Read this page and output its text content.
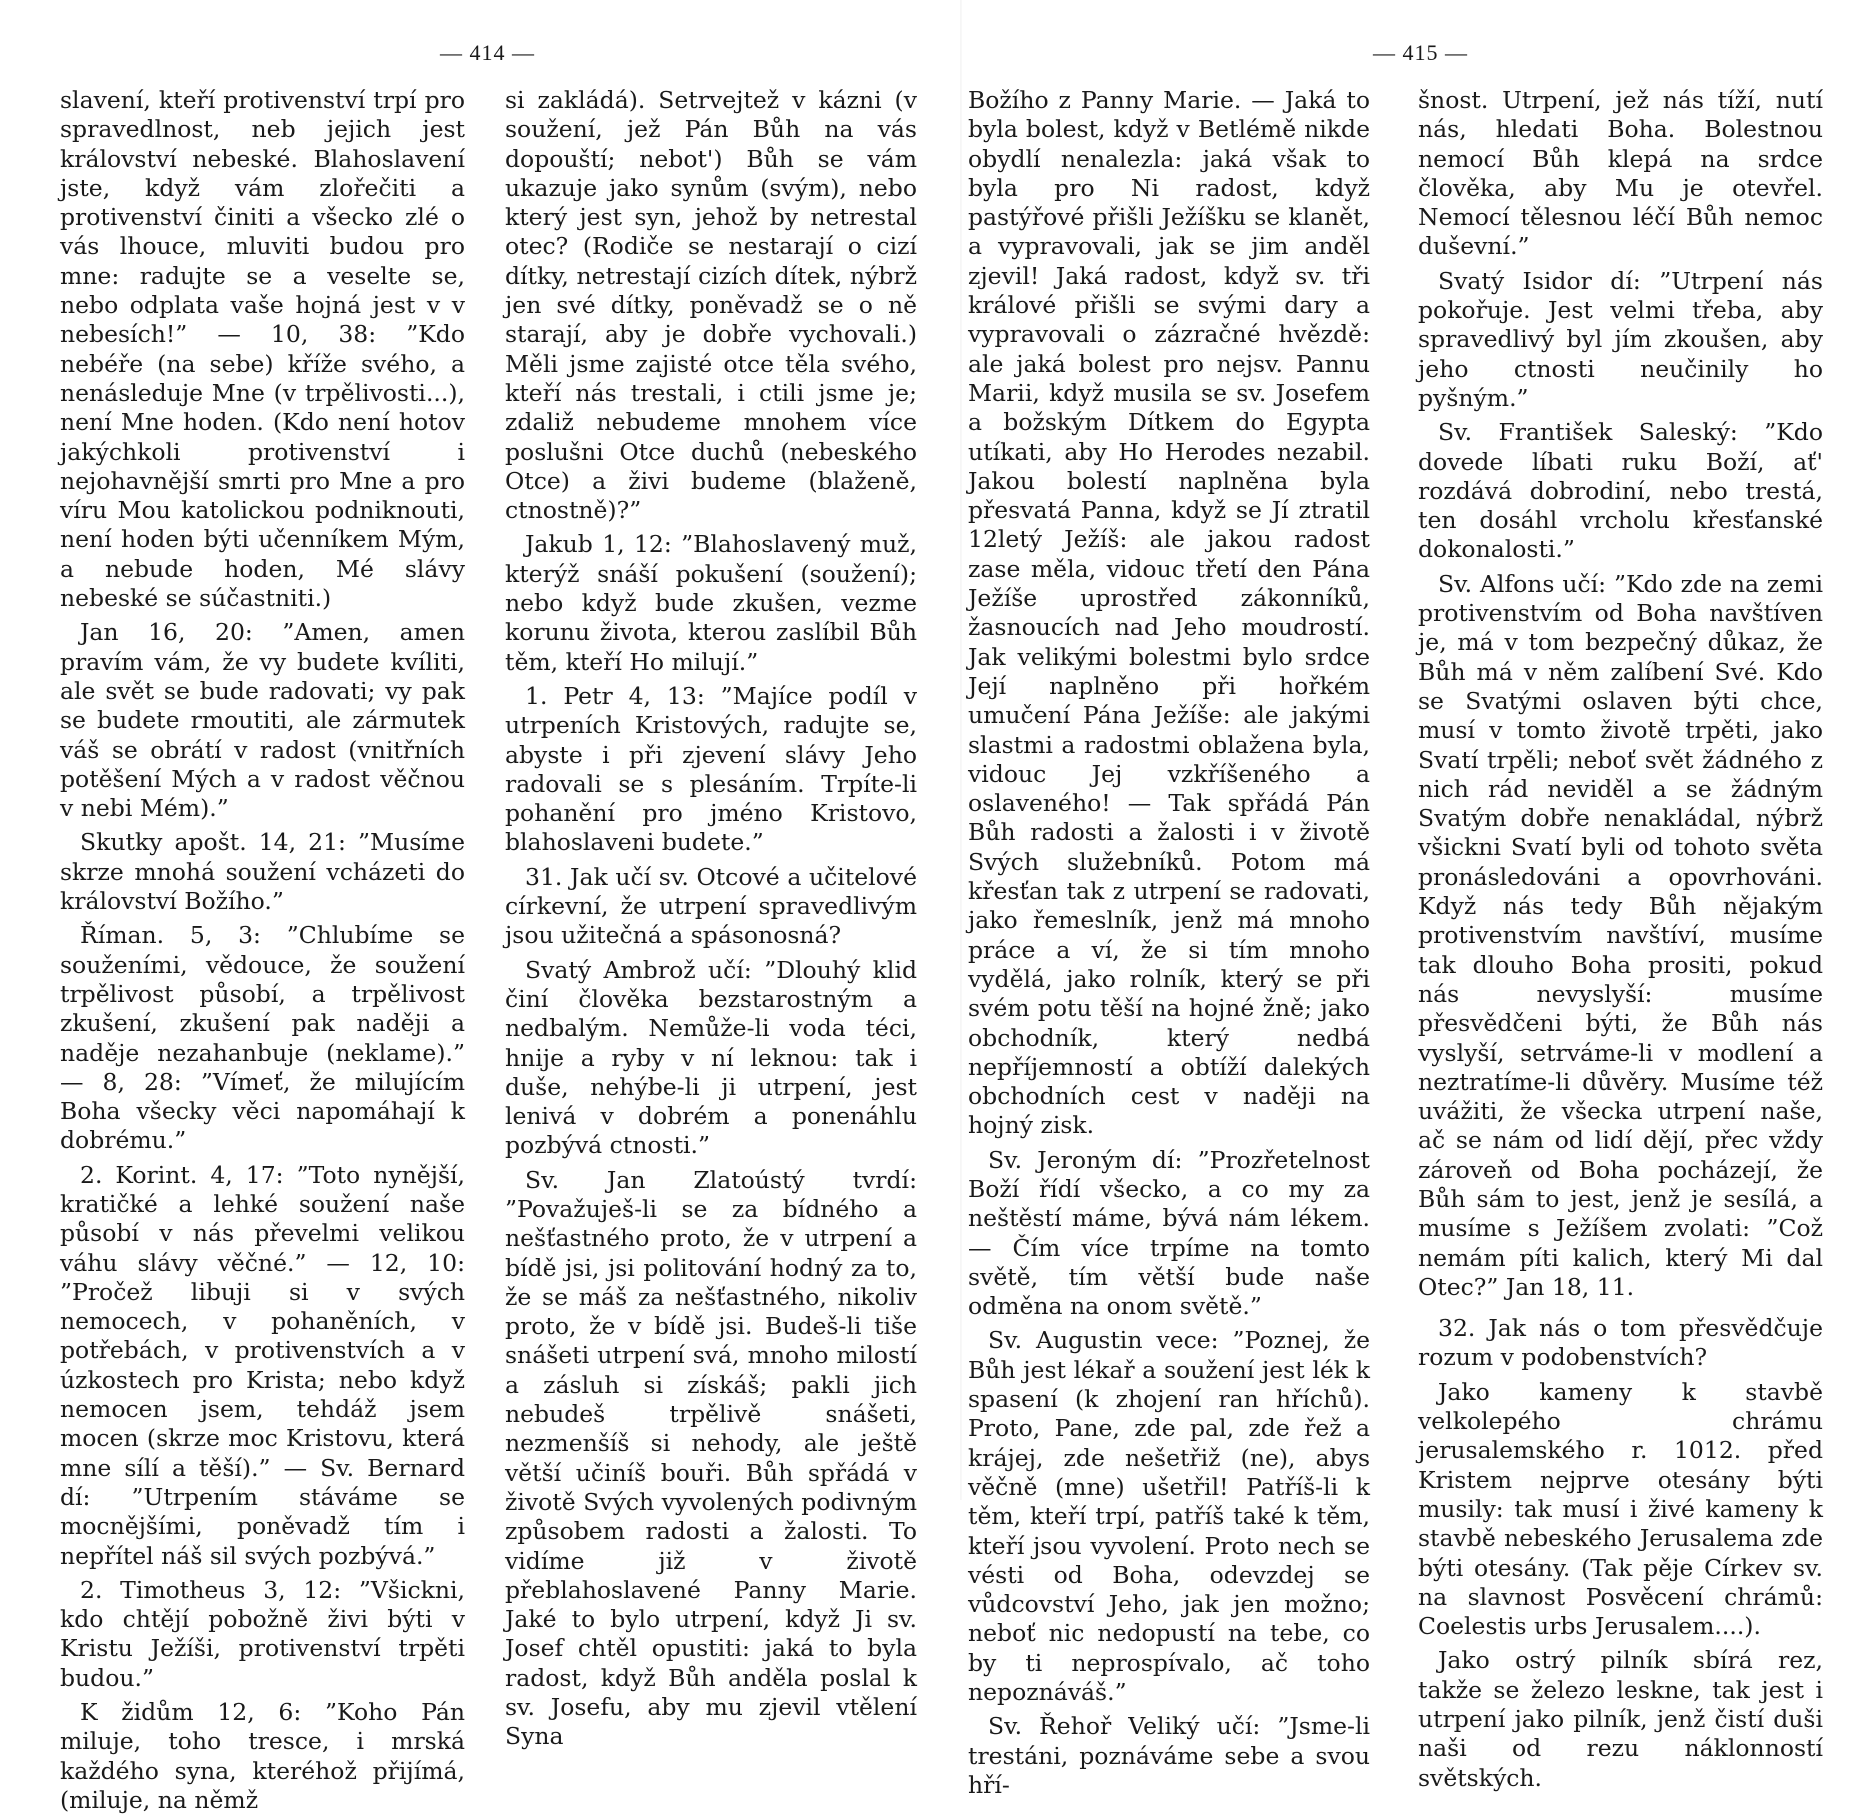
— 414 —	— 415 —

slavení, kteří protivenství trpí pro spravedlnost, neb jejich jest království nebeské. Blahoslavení jste, když vám zlořečiti a protivenství činiti a všecko zlé o vás lhouce, mluviti budou pro mne: radujte se a veselte se, nebo odplata vaše hojná jest v v nebesích!” — 10, 38: ”Kdo nebéře (na sebe) kříže svého, a nenásleduje Mne (v trpělivosti...), není Mne hoden. (Kdo není hotov jakýchkoli protivenství i nejohavnější smrti pro Mne a pro víru Mou katolickou podniknouti, není hoden býti učenníkem Mým, a nebude hoden, Mé slávy nebeské se súčastniti.)

Jan 16, 20: ”Amen, amen pravím vám, že vy budete kvíliti, ale svět se bude radovati; vy pak se budete rmoutiti, ale zármutek váš se obrátí v radost (vnitřních potěšení Mých a v radost věčnou v nebi Mém).”

Skutky apošt. 14, 21: ”Musíme skrze mnohá soužení vcházeti do království Božího.”

Říman. 5, 3: ”Chlubíme se souženími, vědouce, že soužení trpělivost působí, a trpělivost zkušení, zkušení pak naději a naděje nezahanbuje (neklame).” — 8, 28: ”Vímeť, že milujícím Boha všecky věci napomáhají k dobrému.”

2. Korint. 4, 17: ”Toto nynější, kratičké a lehké soužení naše působí v nás převelmi velikou váhu slávy věčné.” — 12, 10: ”Pročež libuji si v svých nemocech, v pohaněních, v potřebách, v protivenstvích a v úzkostech pro Krista; nebo když nemocen jsem, tehdáž jsem mocen (skrze moc Kristovu, která mne sílí a těší).” — Sv. Bernard dí: ”Utrpením stáváme se mocnějšími, poněvadž tím i nepřítel náš sil svých pozbývá.”

2. Timotheus 3, 12: ”Všickni, kdo chtějí pobožně živi býti v Kristu Ježíši, protivenství trpěti budou.”

K židům 12, 6: ”Koho Pán miluje, toho tresce, i mrská každého syna, kteréhož přijímá, (miluje, na němž

si zakládá). Setrvejtež v kázni (v soužení, jež Pán Bůh na vás dopouští; nebot') Bůh se vám ukazuje jako synům (svým), nebo který jest syn, jehož by netrestal otec? (Rodiče se nestarají o cizí dítky, netrestají cizích dítek, nýbrž jen své dítky, poněvadž se o ně starají, aby je dobře vychovali.) Měli jsme zajisté otce těla svého, kteří nás trestali, i ctili jsme je; zdaliž nebudeme mnohem více poslušni Otce duchů (nebeského Otce) a živi budeme (blaženě, ctnostně)?”

Jakub 1, 12: ”Blahoslavený muž, kterýž snáší pokušení (soužení); nebo když bude zkušen, vezme korunu života, kterou zaslíbil Bůh těm, kteří Ho milují.”

1. Petr 4, 13: ”Majíce podíl v utrpeních Kristových, radujte se, abyste i při zjevení slávy Jeho radovali se s plesáním. Trpíte-li pohanění pro jméno Kristovo, blahoslaveni budete.”

31. Jak učí sv. Otcové a učitelové církevní, že utrpení spravedlivým jsou užitečná a spásonosná?

Svatý Ambrož učí: ”Dlouhý klid činí člověka bezstarostným a nedbalým. Nemůže-li voda téci, hnije a ryby v ní leknou: tak i duše, nehýbe-li ji utrpení, jest lenivá v dobrém a ponenáhlu pozbývá ctnosti.”

Sv. Jan Zlatoústý tvrdí: ”Považuješ-li se za bídného a nešťastného proto, že v utrpení a bídě jsi, jsi politování hodný za to, že se máš za nešťastného, nikoliv proto, že v bídě jsi. Budeš-li tiše snášeti utrpení svá, mnoho milostí a zásluh si získáš; pakli jich nebudeš trpělivě snášeti, nezmenšíš si nehody, ale ještě větší učiníš bouři. Bůh spřádá v životě Svých vyvolených podivným způsobem radosti a žalosti. To vidíme již v životě přeblahoslavené Panny Marie. Jaké to bylo utrpení, když Ji sv. Josef chtěl opustiti: jaká to byla radost, když Bůh anděla poslal k sv. Josefu, aby mu zjevil vtělení Syna

Božího z Panny Marie. — Jaká to byla bolest, když v Betlémě nikde obydlí nenalezla: jaká však to byla pro Ni radost, když pastýřové přišli Ježíšku se klanět, a vypravovali, jak se jim anděl zjevil! Jaká radost, když sv. tři králové přišli se svými dary a vypravovali o zázračné hvězdě: ale jaká bolest pro nejsv. Pannu Marii, když musila se sv. Josefem a božským Dítkem do Egypta utíkati, aby Ho Herodes nezabil. Jakou bolestí naplněna byla přesvatá Panna, když se Jí ztratil 12letý Ježíš: ale jakou radost zase měla, vidouc třetí den Pána Ježíše uprostřed zákonníků, žasnoucích nad Jeho moudrostí. Jak velikými bolestmi bylo srdce Její naplněno při hořkém umučení Pána Ježíše: ale jakými slastmi a radostmi oblažena byla, vidouc Jej vzkříšeného a oslaveného! — Tak spřádá Pán Bůh radosti a žalosti i v životě Svých služebníků. Potom má křesťan tak z utrpení se radovati, jako řemeslník, jenž má mnoho práce a ví, že si tím mnoho vydělá, jako rolník, který se při svém potu těší na hojné žně; jako obchodník, který nedbá nepříjemností a obtíží dalekých obchodních cest v naději na hojný zisk.

Sv. Jeroným dí: ”Prozřetelnost Boží řídí všecko, a co my za neštěstí máme, bývá nám lékem. — Čím více trpíme na tomto světě, tím větší bude naše odměna na onom světě.”

Sv. Augustin vece: ”Poznej, že Bůh jest lékař a soužení jest lék k spasení (k zhojení ran hříchů). Proto, Pane, zde pal, zde řež a krájej, zde nešetřiž (ne), abys věčně (mne) ušetřil! Patříš-li k těm, kteří trpí, patříš také k těm, kteří jsou vyvolení. Proto nech se vésti od Boha, odevzdej se vůdcovství Jeho, jak jen možno; neboť nic nedopustí na tebe, co by ti neprospívalo, ač toho nepoznáváš.”

Sv. Řehoř Veliký učí: ”Jsme-li trestáni, poznáváme sebe a svou hří-

šnost. Utrpení, jež nás tíží, nutí nás, hledati Boha. Bolestnou nemocí Bůh klepá na srdce člověka, aby Mu je otevřel. Nemocí tělesnou léčí Bůh nemoc duševní.”

Svatý Isidor dí: ”Utrpení nás pokořuje. Jest velmi třeba, aby spravedlivý byl jím zkoušen, aby jeho ctnosti neučinily ho pyšným.”

Sv. František Saleský: ”Kdo dovede líbati ruku Boží, ať' rozdává dobrodiní, nebo trestá, ten dosáhl vrcholu křesťanské dokonalosti.”

Sv. Alfons učí: ”Kdo zde na zemi protivenstvím od Boha navštíven je, má v tom bezpečný důkaz, že Bůh má v něm zalíbení Své. Kdo se Svatými oslaven býti chce, musí v tomto životě trpěti, jako Svatí trpěli; neboť svět žádného z nich rád neviděl a se žádným Svatým dobře nenakládal, nýbrž všickni Svatí byli od tohoto světa pronásledováni a opovrhováni. Když nás tedy Bůh nějakým protivenstvím navštíví, musíme tak dlouho Boha prositi, pokud nás nevyslyší: musíme přesvědčeni býti, že Bůh nás vyslyší, setrváme-li v modlení a neztratíme-li důvěry. Musíme též uvážiti, že všecka utrpení naše, ač se nám od lidí dějí, přec vždy zároveň od Boha pocházejí, že Bůh sám to jest, jenž je sesílá, a musíme s Ježíšem zvolati: ”Což nemám píti kalich, který Mi dal Otec?” Jan 18, 11.

32. Jak nás o tom přesvědčuje rozum v podobenstvích?

Jako kameny k stavbě velkolepého chrámu jerusalemského r. 1012. před Kristem nejprve otesány býti musily: tak musí i živé kameny k stavbě nebeského Jerusalema zde býti otesány. (Tak pěje Církev sv. na slavnost Posvěcení chrámů: Coelestis urbs Jerusalem....).

Jako ostrý pilník sbírá rez, takže se železo leskne, tak jest i utrpení jako pilník, jenž čistí duši naši od rezu náklonností světských.
